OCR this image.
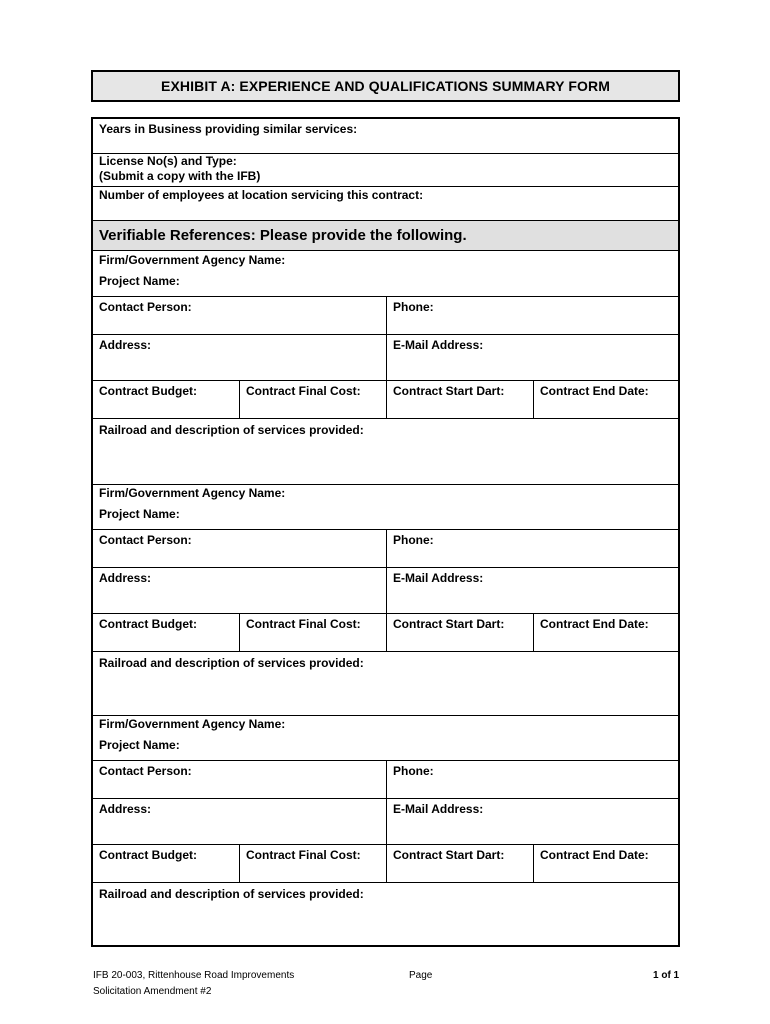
EXHIBIT A: EXPERIENCE AND QUALIFICATIONS SUMMARY FORM
Years in Business providing similar services:
License No(s) and Type:
(Submit a copy with the IFB)
Number of employees at location servicing this contract:
Verifiable References: Please provide the following.
Firm/Government Agency Name:
Project Name:
Contact Person:	Phone:
Address:	E-Mail Address:
Contract Budget:	Contract Final Cost:	Contract Start Dart:	Contract End Date:
Railroad and description of services provided:
Firm/Government Agency Name:
Project Name:
Contact Person:	Phone:
Address:	E-Mail Address:
Contract Budget:	Contract Final Cost:	Contract Start Dart:	Contract End Date:
Railroad and description of services provided:
Firm/Government Agency Name:
Project Name:
Contact Person:	Phone:
Address:	E-Mail Address:
Contract Budget:	Contract Final Cost:	Contract Start Dart:	Contract End Date:
Railroad and description of services provided:
IFB 20-003, Rittenhouse Road Improvements
Solicitation Amendment #2
Page	1 of 1
